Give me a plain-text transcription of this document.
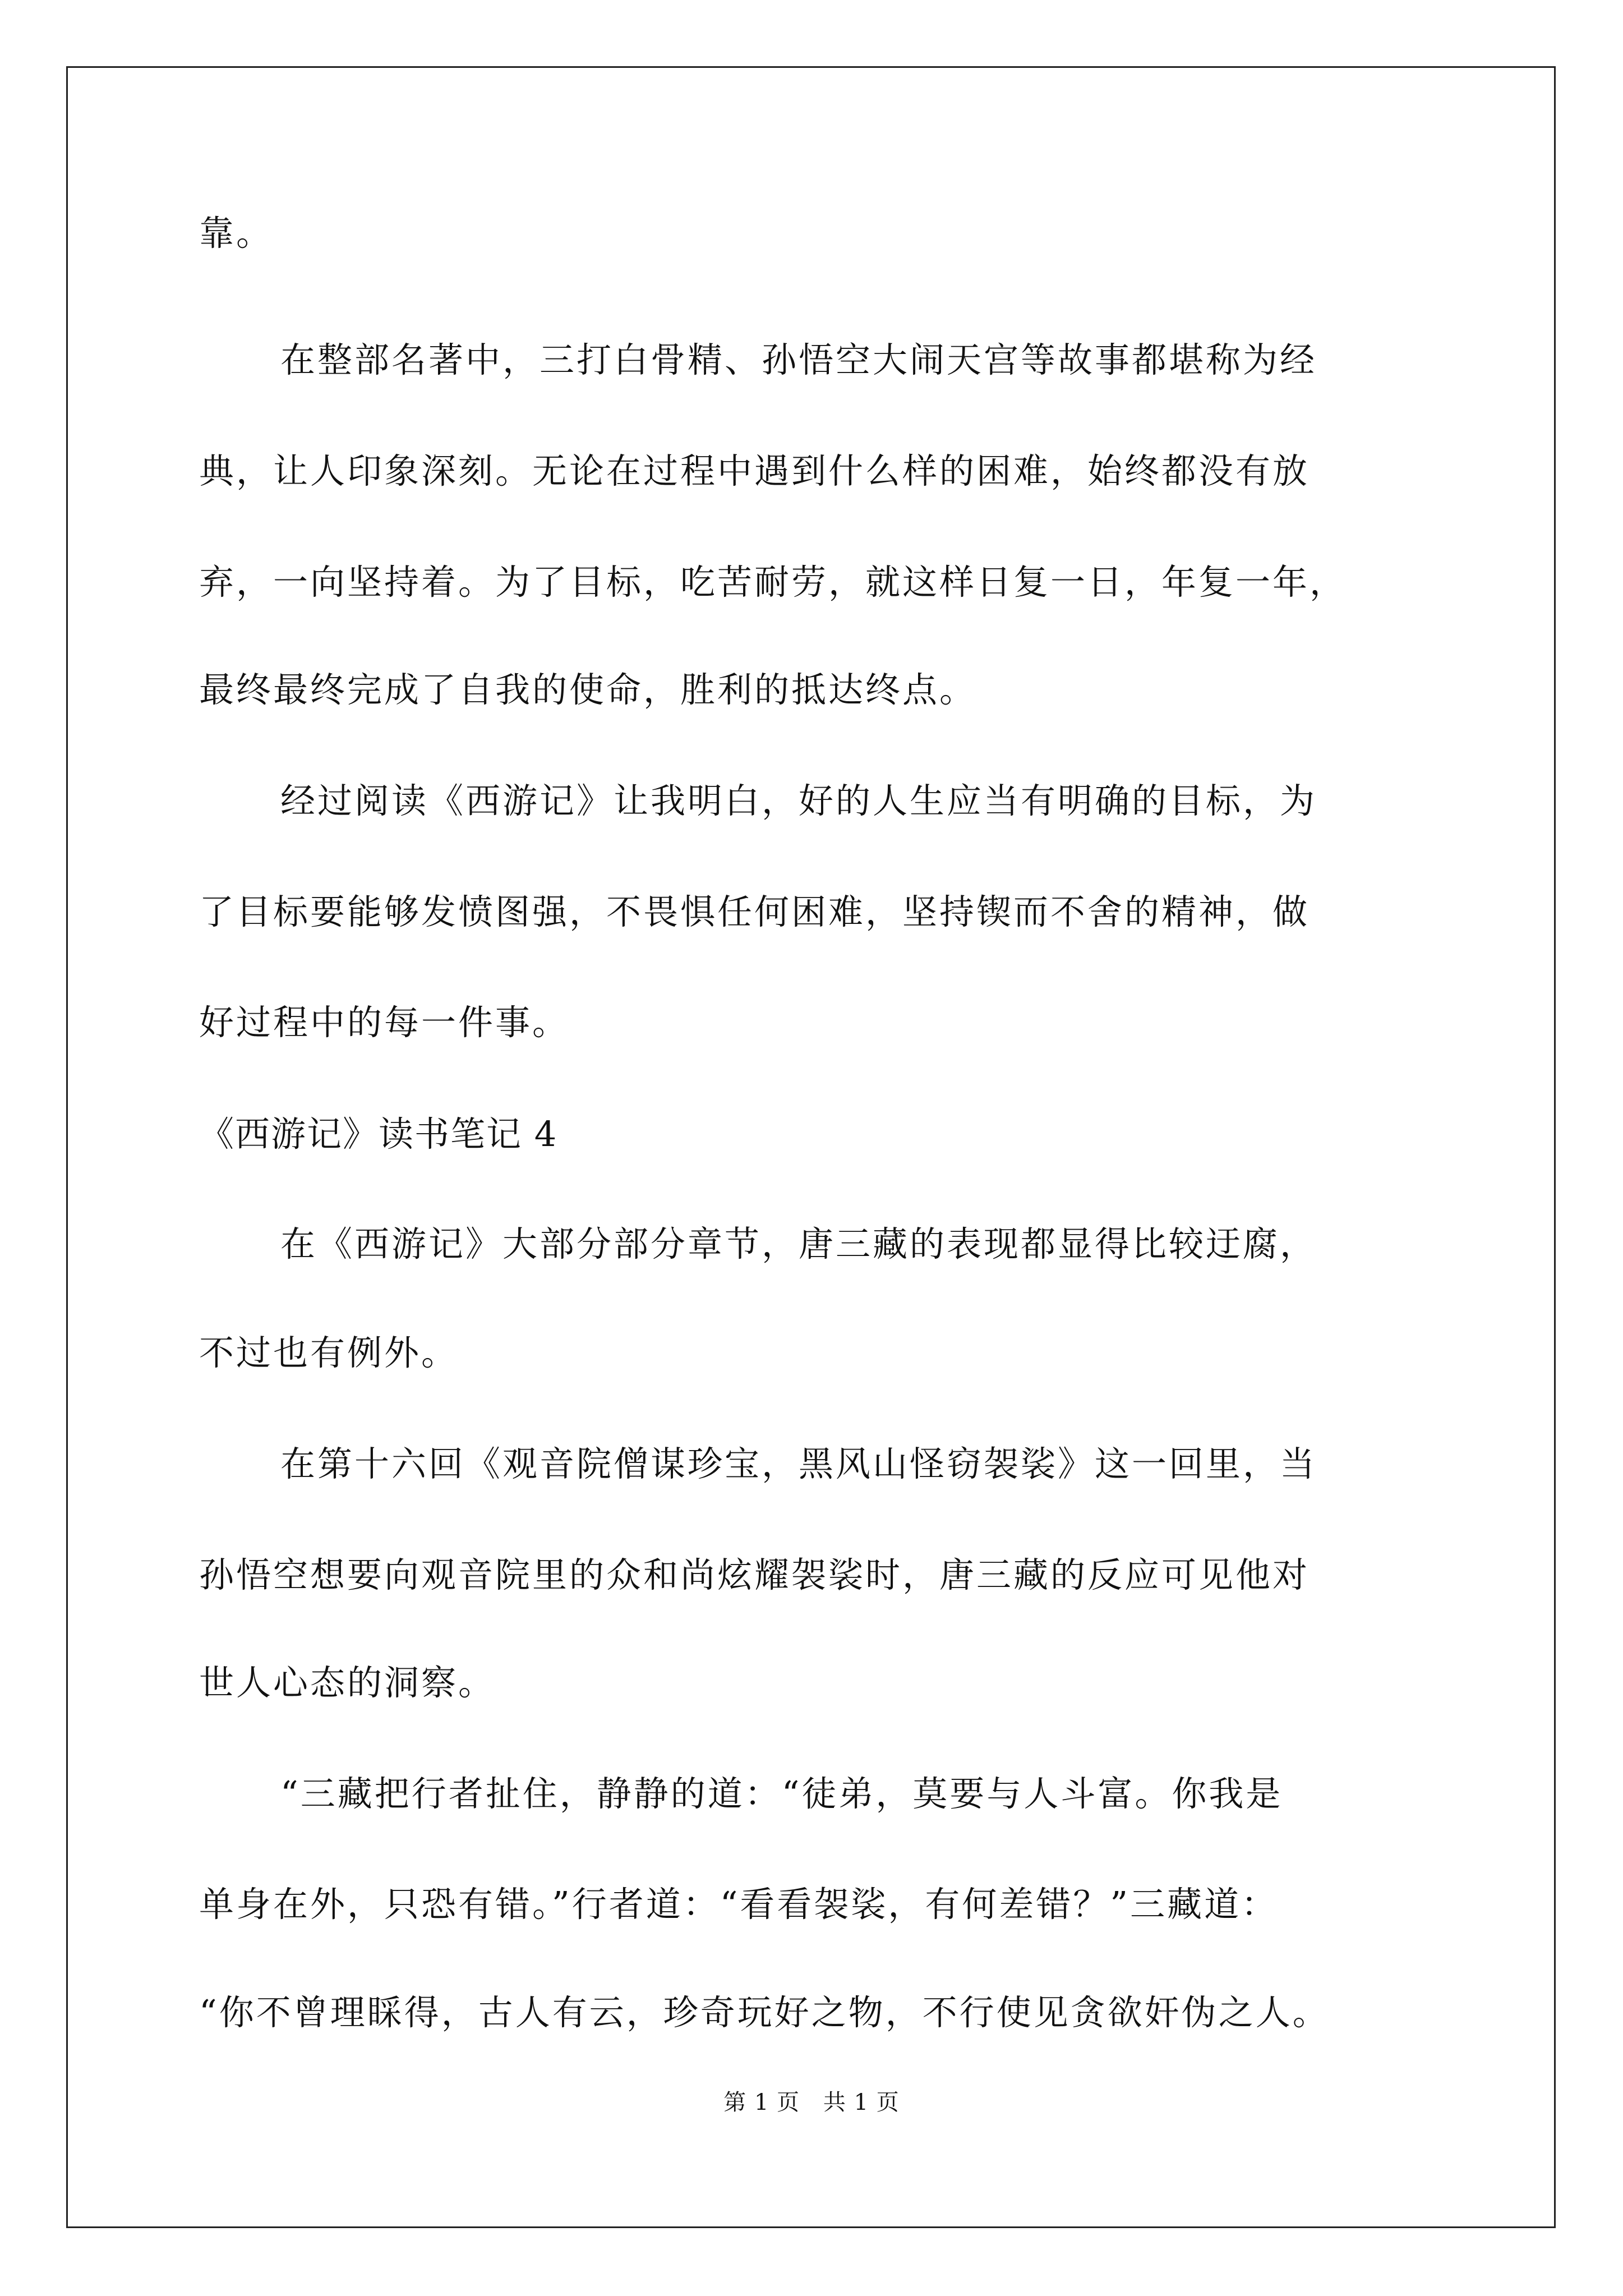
靠。
在整部名著中，三打白骨精、孙悟空大闹天宫等故事都堪称为经
典，让人印象深刻。无论在过程中遇到什么样的困难，始终都没有放
弃，一向坚持着。为了目标，吃苦耐劳，就这样日复一日，年复一年，
最终最终完成了自我的使命，胜利的抵达终点。
经过阅读《西游记》让我明白，好的人生应当有明确的目标，为
了目标要能够发愤图强，不畏惧任何困难，坚持锲而不舍的精神，做
好过程中的每一件事。
《西游记》读书笔记 4
在《西游记》大部分部分章节，唐三藏的表现都显得比较迂腐，
不过也有例外。
在第十六回《观音院僧谋珍宝，黑风山怪窃袈裟》这一回里，当
孙悟空想要向观音院里的众和尚炫耀袈裟时，唐三藏的反应可见他对
世人心态的洞察。
“三藏把行者扯住，静静的道：“徒弟，莫要与人斗富。你我是
单身在外，只恐有错。”行者道：“看看袈裟，有何差错？”三藏道：
“你不曾理睬得，古人有云，珍奇玩好之物，不行使见贪欲奸伪之人。
第 1 页 共 1 页
